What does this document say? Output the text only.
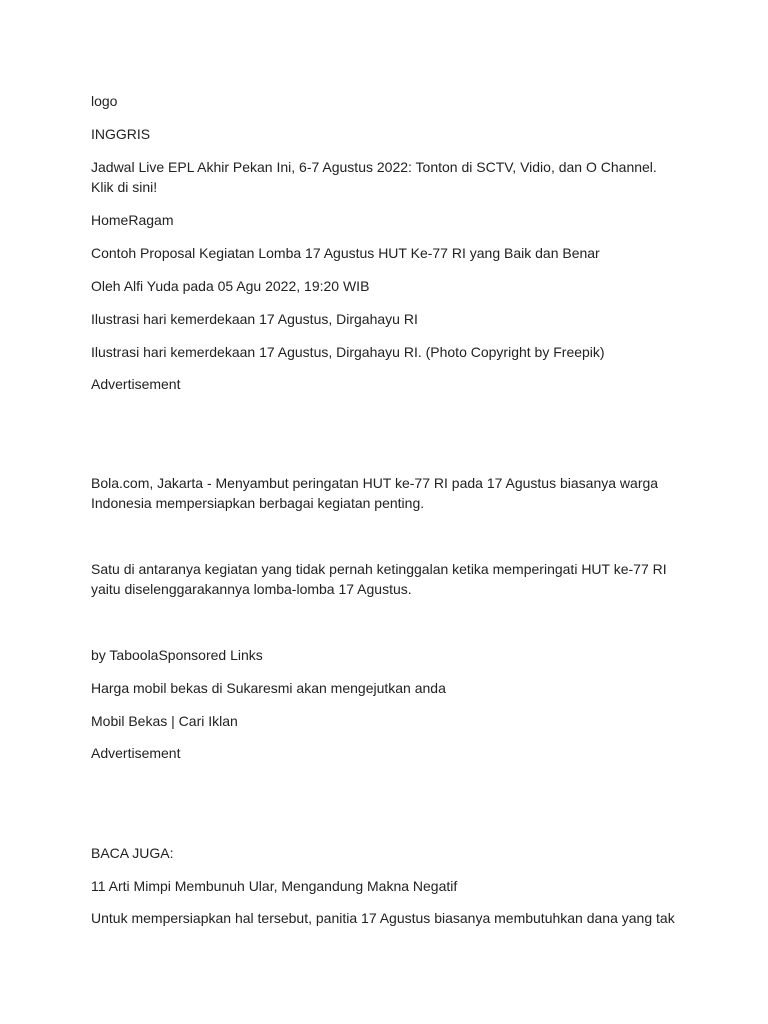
logo

INGGRIS

Jadwal Live EPL Akhir Pekan Ini, 6-7 Agustus 2022: Tonton di SCTV, Vidio, dan O Channel. Klik di sini!

HomeRagam

Contoh Proposal Kegiatan Lomba 17 Agustus HUT Ke-77 RI yang Baik dan Benar

Oleh Alfi Yuda pada 05 Agu 2022, 19:20 WIB

Ilustrasi hari kemerdekaan 17 Agustus, Dirgahayu RI

Ilustrasi hari kemerdekaan 17 Agustus, Dirgahayu RI. (Photo Copyright by Freepik)

Advertisement

Bola.com, Jakarta - Menyambut peringatan HUT ke-77 RI pada 17 Agustus biasanya warga Indonesia mempersiapkan berbagai kegiatan penting.

Satu di antaranya kegiatan yang tidak pernah ketinggalan ketika memperingati HUT ke-77 RI yaitu diselenggarakannya lomba-lomba 17 Agustus.

by TaboolaSponsored Links

Harga mobil bekas di Sukaresmi akan mengejutkan anda

Mobil Bekas | Cari Iklan

Advertisement

BACA JUGA:

11 Arti Mimpi Membunuh Ular, Mengandung Makna Negatif

Untuk mempersiapkan hal tersebut, panitia 17 Agustus biasanya membutuhkan dana yang tak
